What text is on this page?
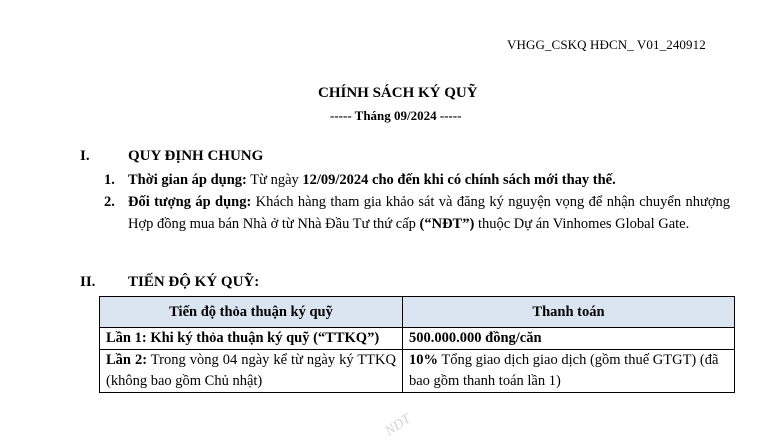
VHGG_CSKQ HĐCN_ V01_240912
CHÍNH SÁCH KÝ QUỸ
----- Tháng 09/2024 -----
I.	QUY ĐỊNH CHUNG
1. Thời gian áp dụng: Từ ngày 12/09/2024 cho đến khi có chính sách mới thay thế.
2. Đối tượng áp dụng: Khách hàng tham gia khảo sát và đăng ký nguyện vọng để nhận chuyển nhượng Hợp đồng mua bán Nhà ở từ Nhà Đầu Tư thứ cấp (“NĐT”) thuộc Dự án Vinhomes Global Gate.
II. TIẾN ĐỘ KÝ QUỸ:
Tiến độ thỏa thuận ký quỹ	Thanh toán
Lần 1: Khi ký thỏa thuận ký quỹ (“TTKQ”)	500.000.000 đồng/căn
Lần 2: Trong vòng 04 ngày kể từ ngày ký TTKQ (không bao gồm Chủ nhật)	10% Tổng giao dịch giao dịch (gồm thuế GTGT) (đã bao gồm thanh toán lần 1)
NĐT
